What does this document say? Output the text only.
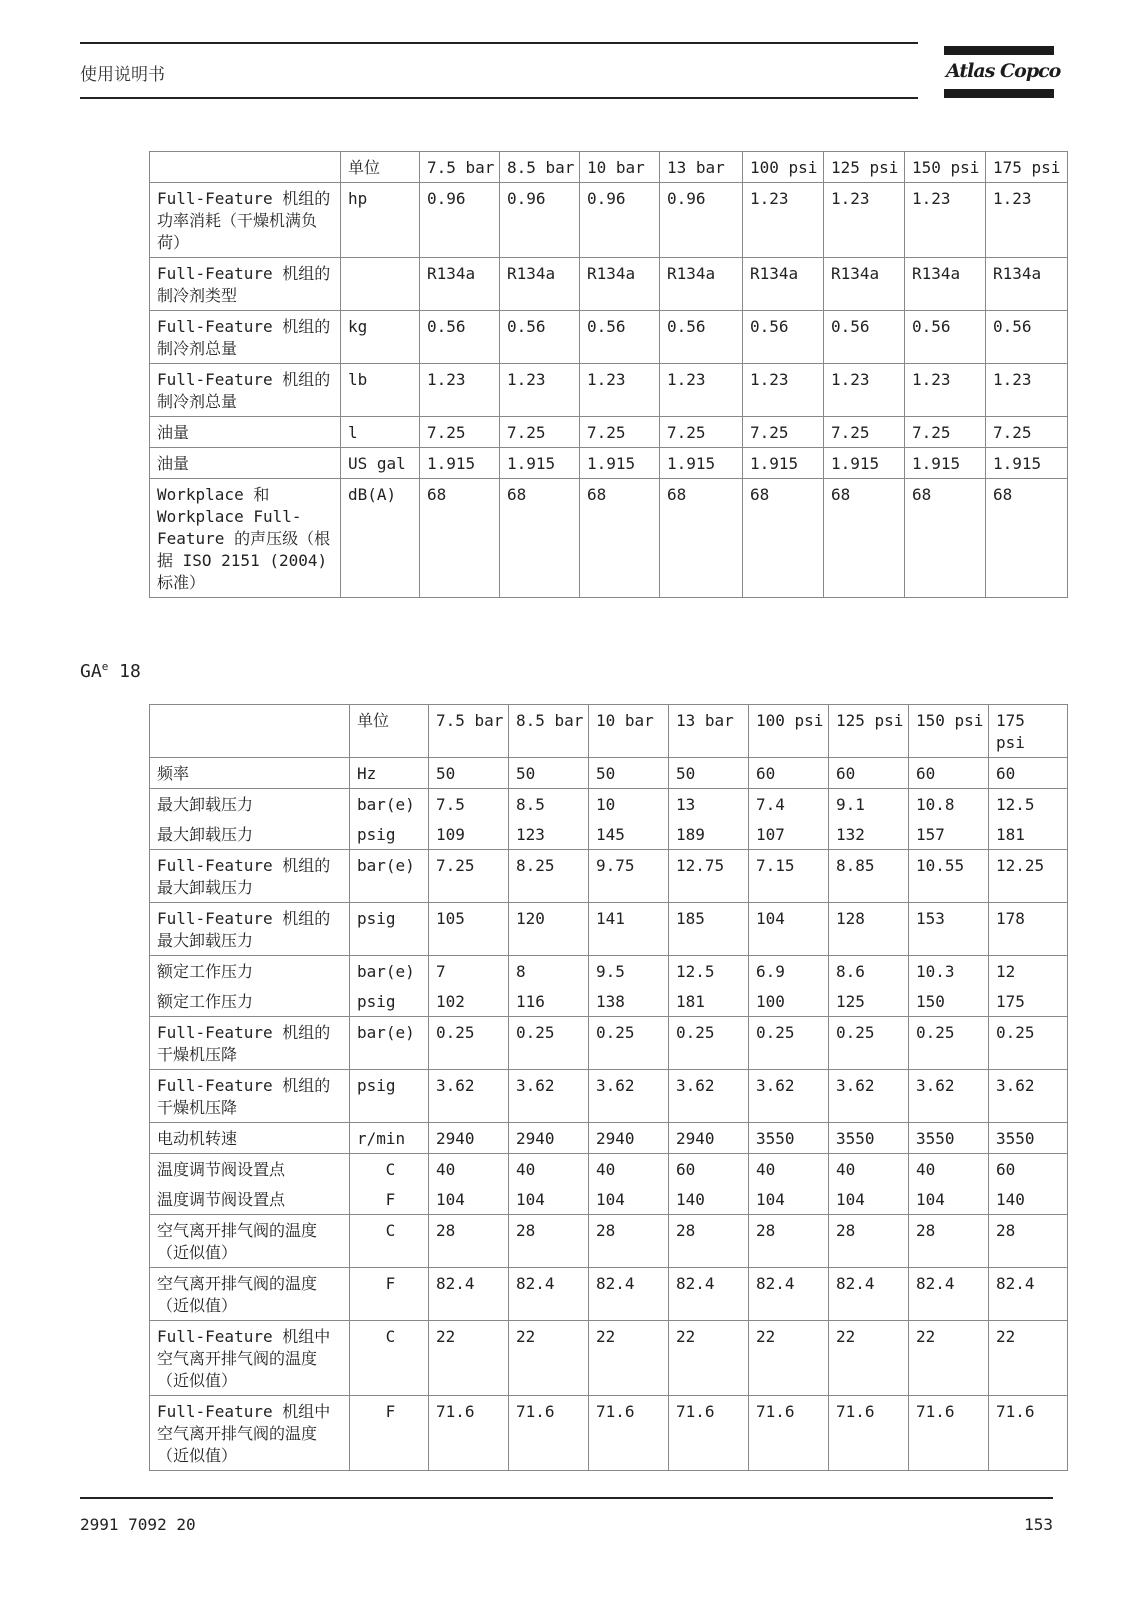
使用说明书	Atlas Copco
	单位	7.5 bar	8.5 bar	10 bar	13 bar	100 psi	125 psi	150 psi	175 psi
Full-Feature 机组的功率消耗（干燥机满负荷）	hp	0.96	0.96	0.96	0.96	1.23	1.23	1.23	1.23
Full-Feature 机组的制冷剂类型		R134a	R134a	R134a	R134a	R134a	R134a	R134a	R134a
Full-Feature 机组的制冷剂总量	kg	0.56	0.56	0.56	0.56	0.56	0.56	0.56	0.56
Full-Feature 机组的制冷剂总量	lb	1.23	1.23	1.23	1.23	1.23	1.23	1.23	1.23
油量	l	7.25	7.25	7.25	7.25	7.25	7.25	7.25	7.25
油量	US gal	1.915	1.915	1.915	1.915	1.915	1.915	1.915	1.915
Workplace 和 Workplace Full-Feature 的声压级（根据 ISO 2151 (2004) 标准）	dB(A)	68	68	68	68	68	68	68	68
$GA^e$ 18
	单位	7.5 bar	8.5 bar	10 bar	13 bar	100 psi	125 psi	150 psi	175 psi
频率	Hz	50	50	50	50	60	60	60	60
最大卸载压力	bar(e)	7.5	8.5	10	13	7.4	9.1	10.8	12.5
最大卸载压力	psig	109	123	145	189	107	132	157	181
Full-Feature 机组的最大卸载压力	bar(e)	7.25	8.25	9.75	12.75	7.15	8.85	10.55	12.25
Full-Feature 机组的最大卸载压力	psig	105	120	141	185	104	128	153	178
额定工作压力	bar(e)	7	8	9.5	12.5	6.9	8.6	10.3	12
额定工作压力	psig	102	116	138	181	100	125	150	175
Full-Feature 机组的干燥机压降	bar(e)	0.25	0.25	0.25	0.25	0.25	0.25	0.25	0.25
Full-Feature 机组的干燥机压降	psig	3.62	3.62	3.62	3.62	3.62	3.62	3.62	3.62
电动机转速	r/min	2940	2940	2940	2940	3550	3550	3550	3550
温度调节阀设置点	C	40	40	40	60	40	40	40	60
温度调节阀设置点	F	104	104	104	140	104	104	104	140
空气离开排气阀的温度（近似值）	C	28	28	28	28	28	28	28	28
空气离开排气阀的温度（近似值）	F	82.4	82.4	82.4	82.4	82.4	82.4	82.4	82.4
Full-Feature 机组中空气离开排气阀的温度（近似值）	C	22	22	22	22	22	22	22	22
Full-Feature 机组中空气离开排气阀的温度（近似值）	F	71.6	71.6	71.6	71.6	71.6	71.6	71.6	71.6
2991 7092 20	153
